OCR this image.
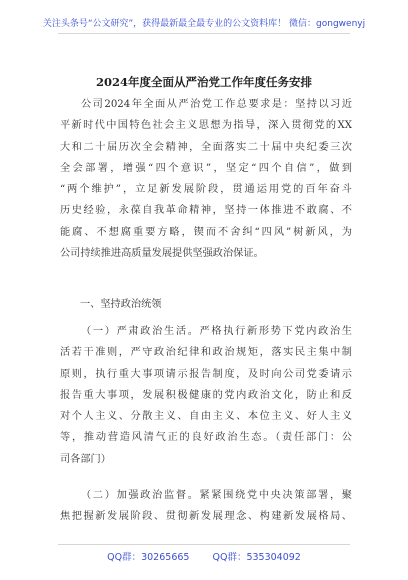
关注头条号“公文研究”，获得最新最全最专业的公文资料库！ 微信：gongwenyj
2024年度全面从严治党工作年度任务安排
公司2024年全面从严治党工作总要求是：坚持以习近
平新时代中国特色社会主义思想为指导，深入贯彻党的XX
大和二十届历次全会精神，全面落实二十届中央纪委三次
全会部署，增强“四个意识”，坚定“四个自信”，做到
“两个维护”，立足新发展阶段，贯通运用党的百年奋斗
历史经验，永葆自我革命精神，坚持一体推进不敢腐、不
能腐、不想腐重要方略，锲而不舍纠“四风”树新风，为
公司持续推进高质量发展提供坚强政治保证。
一、坚持政治统领
（一）严肃政治生活。严格执行新形势下党内政治生
活若干准则，严守政治纪律和政治规矩，落实民主集中制
原则，执行重大事项请示报告制度，及时向公司党委请示
报告重大事项，发展积极健康的党内政治文化，防止和反
对个人主义、分散主义、自由主义、本位主义、好人主义
等，推动营造风清气正的良好政治生态。（责任部门：公
司各部门）
（二）加强政治监督。紧紧围绕党中央决策部署，聚
焦把握新发展阶段、贯彻新发展理念、构建新发展格局、
QQ群：30265665 QQ群：535304092
